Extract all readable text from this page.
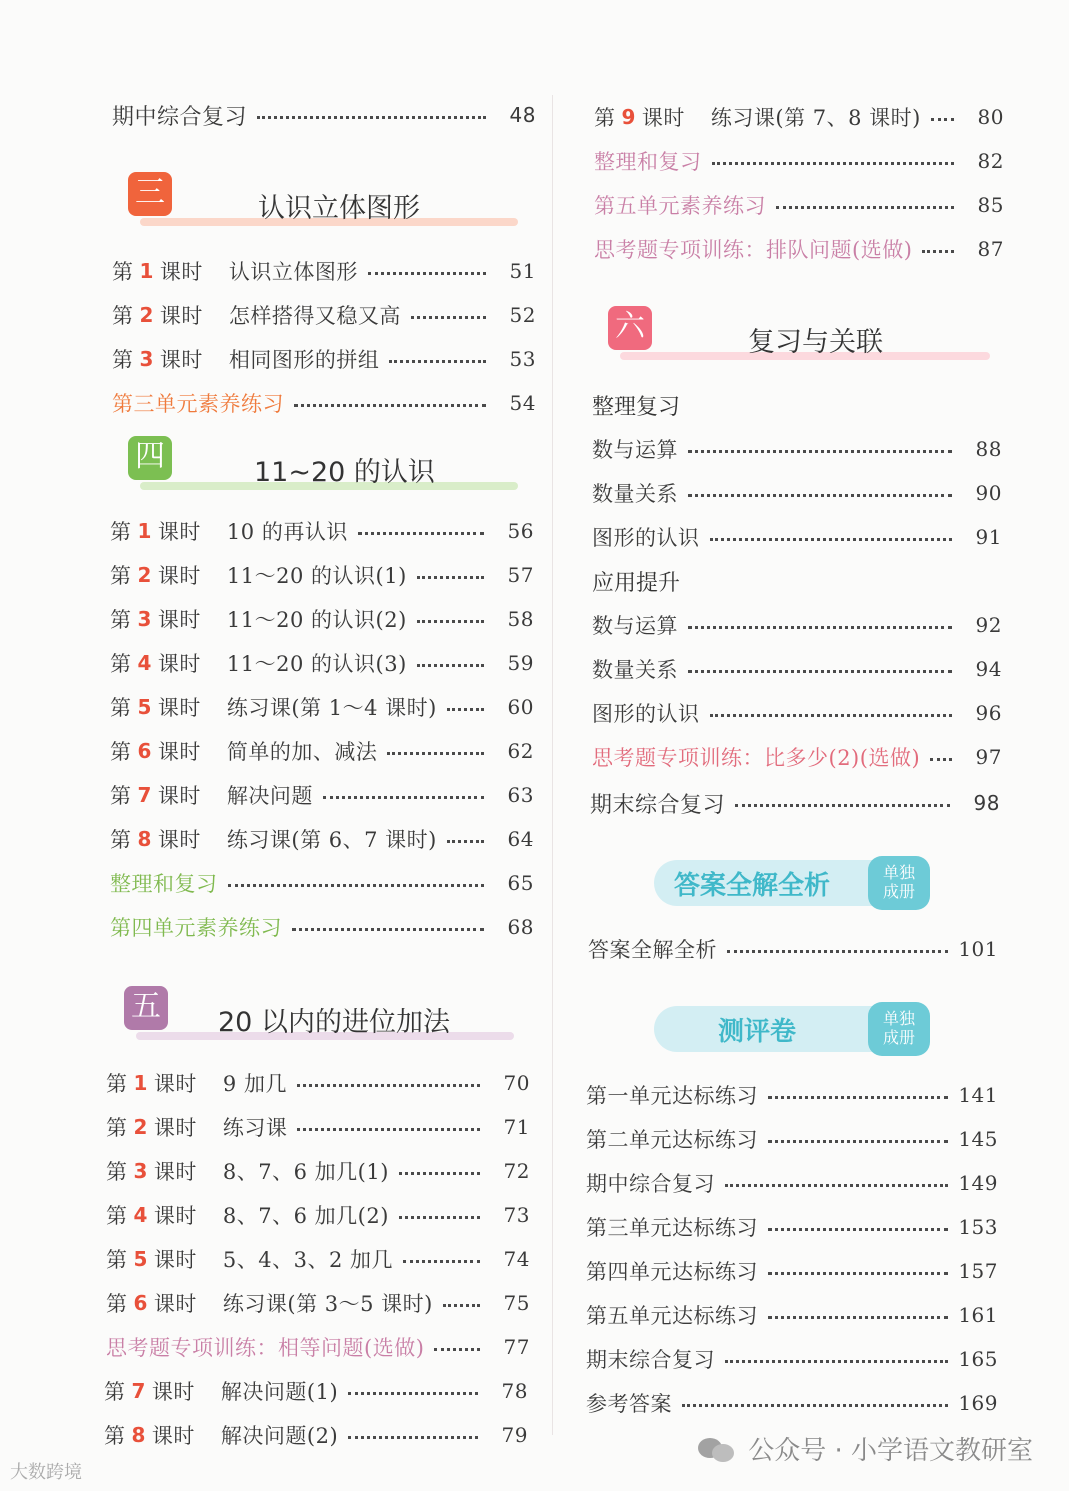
期中综合复习	48
三	认识立体图形
第 1 课时 认识立体图形	51
第 2 课时 怎样搭得又稳又高	52
第 3 课时 相同图形的拼组	53
第三单元素养练习	54
四	11~20 的认识
第 1 课时 10 的再认识	56
第 2 课时 11～20 的认识(1)	57
第 3 课时 11～20 的认识(2)	58
第 4 课时 11～20 的认识(3)	59
第 5 课时 练习课(第 1～4 课时)	60
第 6 课时 简单的加、减法	62
第 7 课时 解决问题	63
第 8 课时 练习课(第 6、7 课时)	64
整理和复习	65
第四单元素养练习	68
五 20 以内的进位加法
第 1 课时 9 加几	70
第 2 课时 练习课	71
第 3 课时 8、7、6 加几(1)	72
第 4 课时 8、7、6 加几(2)	73
第 5 课时 5、4、3、2 加几	74
第 6 课时 练习课(第 3～5 课时)	75
思考题专项训练：相等问题(选做)	77
第 7 课时 解决问题(1)	78
第 8 课时 解决问题(2)	79
第 9 课时 练习课(第 7、8 课时)	80
整理和复习	82
第五单元素养练习	85
思考题专项训练：排队问题(选做)	87
六	复习与关联
整理复习
数与运算	88
数量关系	90
图形的认识	91
应用提升
数与运算	92
数量关系	94
图形的认识	96
思考题专项训练：比多少(2)(选做)	97
期末综合复习	98
答案全解全析	单独
成册
答案全解全析	101
测评卷	单独
成册
第一单元达标练习	141
第二单元达标练习	145
期中综合复习	149
第三单元达标练习	153
第四单元达标练习	157
第五单元达标练习	161
期末综合复习	165
参考答案	169
公众号 · 小学语文教研室
大数跨境
